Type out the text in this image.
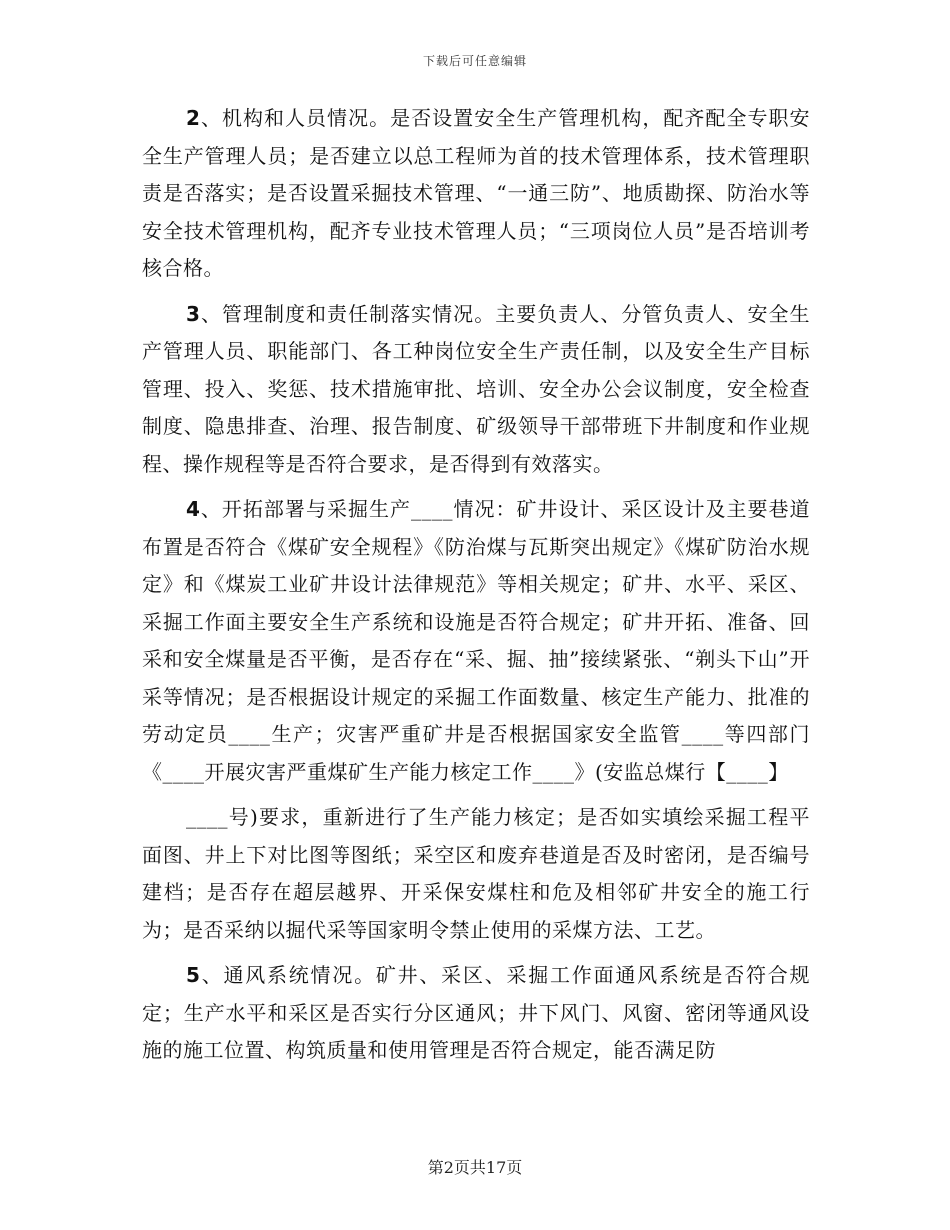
下载后可任意编辑

2、机构和人员情况。是否设置安全生产管理机构，配齐配全专职安全生产管理人员；是否建立以总工程师为首的技术管理体系，技术管理职责是否落实；是否设置采掘技术管理、“一通三防”、地质勘探、防治水等安全技术管理机构，配齐专业技术管理人员；“三项岗位人员”是否培训考核合格。

3、管理制度和责任制落实情况。主要负责人、分管负责人、安全生产管理人员、职能部门、各工种岗位安全生产责任制，以及安全生产目标管理、投入、奖惩、技术措施审批、培训、安全办公会议制度，安全检查制度、隐患排查、治理、报告制度、矿级领导干部带班下井制度和作业规程、操作规程等是否符合要求，是否得到有效落实。

4、开拓部署与采掘生产____情况：矿井设计、采区设计及主要巷道布置是否符合《煤矿安全规程》《防治煤与瓦斯突出规定》《煤矿防治水规定》和《煤炭工业矿井设计法律规范》等相关规定；矿井、水平、采区、采掘工作面主要安全生产系统和设施是否符合规定；矿井开拓、准备、回采和安全煤量是否平衡，是否存在“采、掘、抽”接续紧张、“剃头下山”开采等情况；是否根据设计规定的采掘工作面数量、核定生产能力、批准的劳动定员____生产；灾害严重矿井是否根据国家安全监管____等四部门《____开展灾害严重煤矿生产能力核定工作____》(安监总煤行【____】

____号)要求，重新进行了生产能力核定；是否如实填绘采掘工程平面图、井上下对比图等图纸；采空区和废弃巷道是否及时密闭，是否编号建档；是否存在超层越界、开采保安煤柱和危及相邻矿井安全的施工行为；是否采纳以掘代采等国家明令禁止使用的采煤方法、工艺。

5、通风系统情况。矿井、采区、采掘工作面通风系统是否符合规定；生产水平和采区是否实行分区通风；井下风门、风窗、密闭等通风设施的施工位置、构筑质量和使用管理是否符合规定，能否满足防

第2页共17页
